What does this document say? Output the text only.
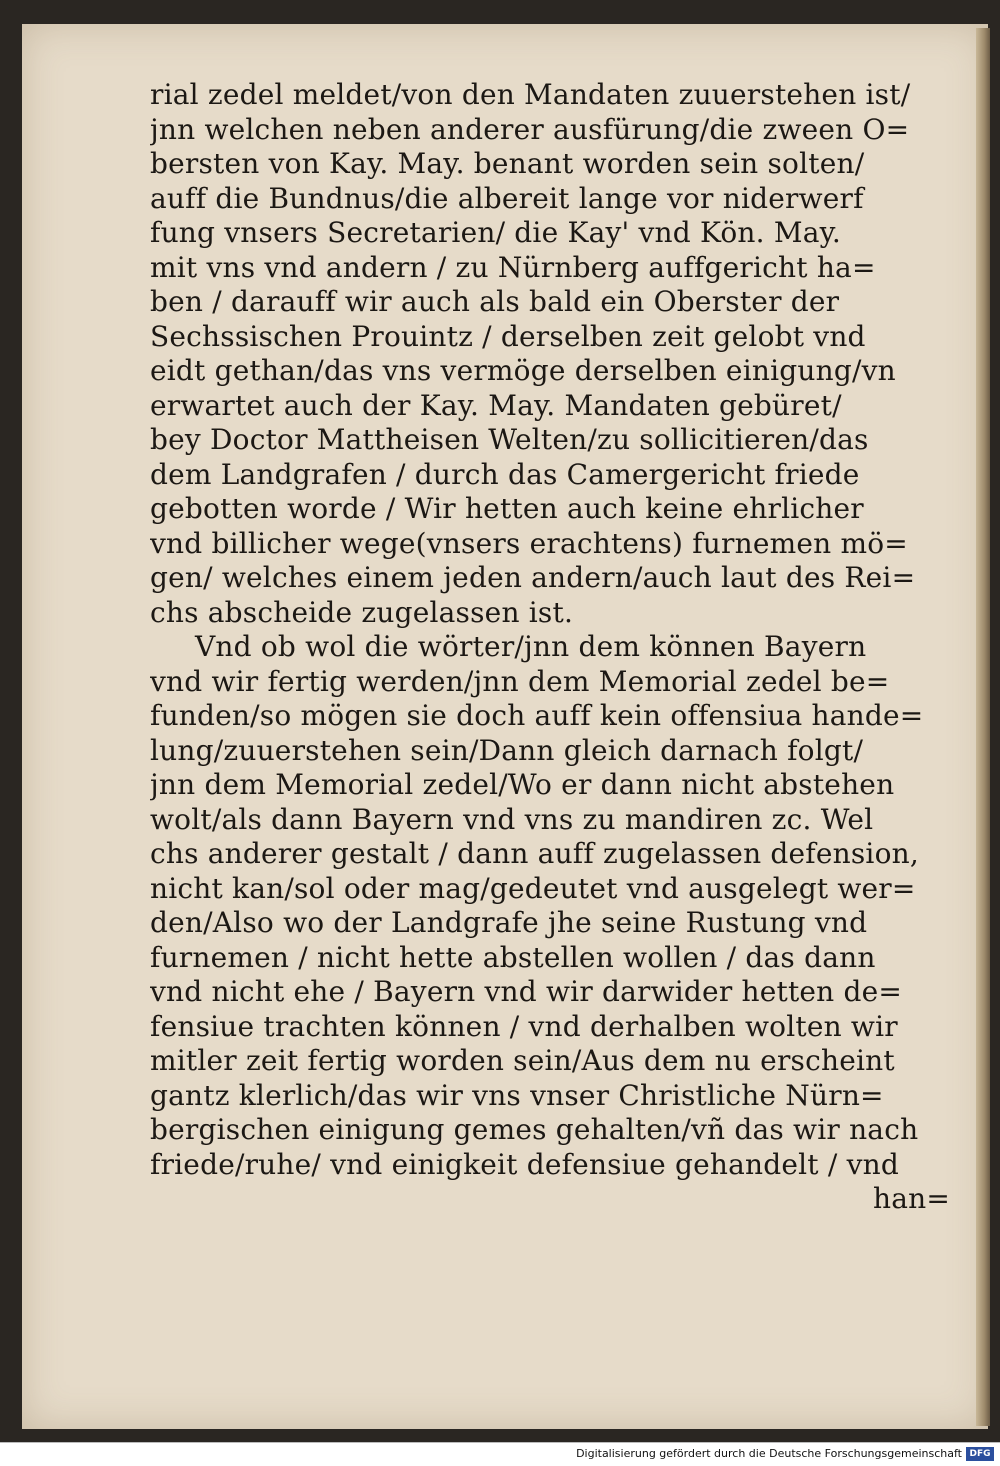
rial zedel meldet/von den Mandaten zuuerstehen ist/
jnn welchen neben anderer ausfürung/die zween O=
bersten von Kay. May. benant worden sein solten/
auff die Bundnus/die albereit lange vor niderwerf
fung vnsers Secretarien/ die Kay' vnd Kön. May.
mit vns vnd andern / zu Nürnberg auffgericht ha=
ben / darauff wir auch als bald ein Oberster der
Sechssischen Prouintz / derselben zeit gelobt vnd
eidt gethan/das vns vermöge derselben einigung/vn
erwartet auch der Kay. May. Mandaten gebüret/
bey Doctor Mattheisen Welten/zu sollicitieren/das
dem Landgrafen / durch das Camergericht friede
gebotten worde / Wir hetten auch keine ehrlicher
vnd billicher wege(vnsers erachtens) furnemen mö=
gen/ welches einem jeden andern/auch laut des Rei=
chs abscheide zugelassen ist.
Vnd ob wol die wörter/jnn dem können Bayern
vnd wir fertig werden/jnn dem Memorial zedel be=
funden/so mögen sie doch auff kein offensiua hande=
lung/zuuerstehen sein/Dann gleich darnach folgt/
jnn dem Memorial zedel/Wo er dann nicht abstehen
wolt/als dann Bayern vnd vns zu mandiren zc. Wel
chs anderer gestalt / dann auff zugelassen defension,
nicht kan/sol oder mag/gedeutet vnd ausgelegt wer=
den/Also wo der Landgrafe jhe seine Rustung vnd
furnemen / nicht hette abstellen wollen / das dann
vnd nicht ehe / Bayern vnd wir darwider hetten de=
fensiue trachten können / vnd derhalben wolten wir
mitler zeit fertig worden sein/Aus dem nu erscheint
gantz klerlich/das wir vns vnser Christliche Nürn=
bergischen einigung gemes gehalten/vñ das wir nach
friede/ruhe/ vnd einigkeit defensiue gehandelt / vnd
han=
Digitalisierung gefördert durch die Deutsche Forschungsgemeinschaft DFG
